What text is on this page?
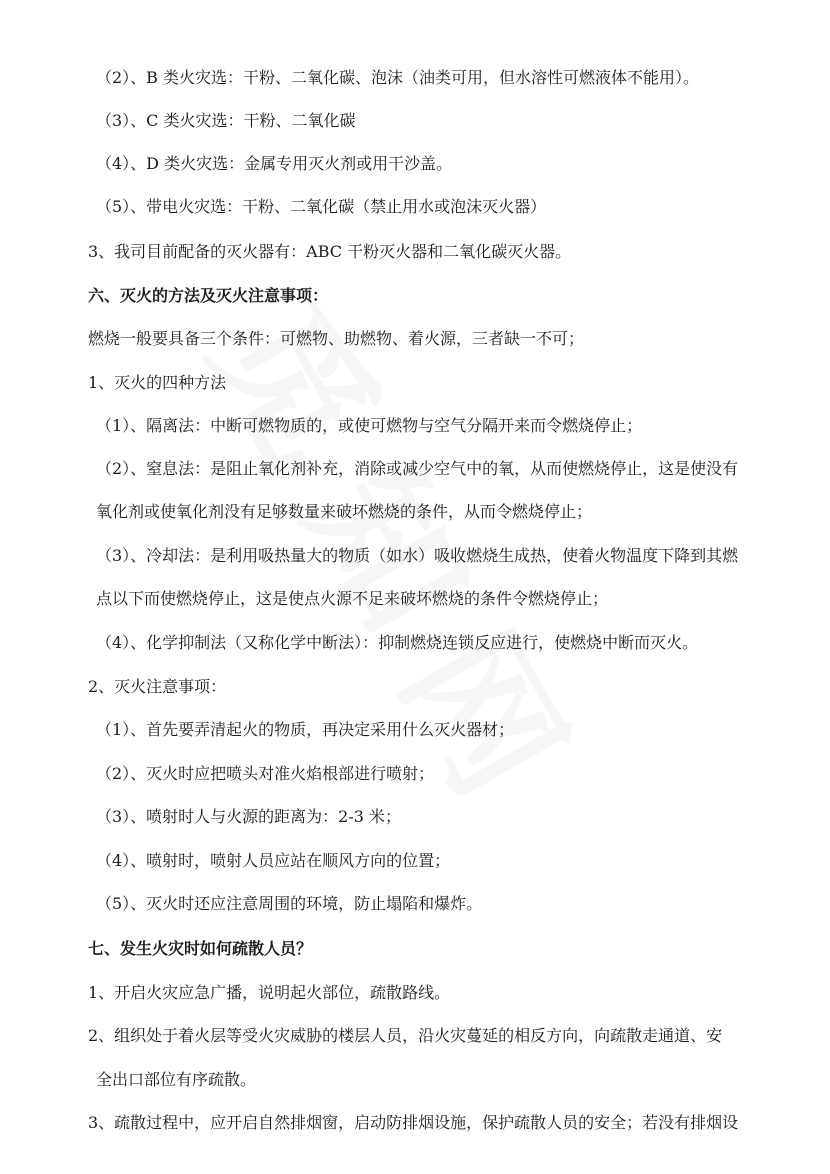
（2）、B 类火灾选：干粉、二氧化碳、泡沫（油类可用，但水溶性可燃液体不能用）。
（3）、C 类火灾选：干粉、二氧化碳
（4）、D 类火灾选：金属专用灭火剂或用干沙盖。
（5）、带电火灾选：干粉、二氧化碳（禁止用水或泡沫灭火器）
3、我司目前配备的灭火器有：ABC 干粉灭火器和二氧化碳灭火器。
六、灭火的方法及灭火注意事项：
燃烧一般要具备三个条件：可燃物、助燃物、着火源，三者缺一不可；
1、灭火的四种方法
（1）、隔离法：中断可燃物质的，或使可燃物与空气分隔开来而令燃烧停止；
（2）、窒息法：是阻止氧化剂补充，消除或减少空气中的氧，从而使燃烧停止，这是使没有
氧化剂或使氧化剂没有足够数量来破坏燃烧的条件，从而令燃烧停止；
（3）、冷却法：是利用吸热量大的物质（如水）吸收燃烧生成热，使着火物温度下降到其燃
点以下而使燃烧停止，这是使点火源不足来破坏燃烧的条件令燃烧停止；
（4）、化学抑制法（又称化学中断法）：抑制燃烧连锁反应进行，使燃烧中断而灭火。
2、灭火注意事项：
（1）、首先要弄清起火的物质，再决定采用什么灭火器材；
（2）、灭火时应把喷头对准火焰根部进行喷射；
（3）、喷射时人与火源的距离为：2-3 米；
（4）、喷射时，喷射人员应站在顺风方向的位置；
（5）、灭火时还应注意周围的环境，防止塌陷和爆炸。
七、发生火灾时如何疏散人员？
1、开启火灾应急广播，说明起火部位，疏散路线。
2、组织处于着火层等受火灾威胁的楼层人员，沿火灾蔓延的相反方向，向疏散走通道、安
全出口部位有序疏散。
3、疏散过程中，应开启自然排烟窗，启动防排烟设施，保护疏散人员的安全；若没有排烟设
